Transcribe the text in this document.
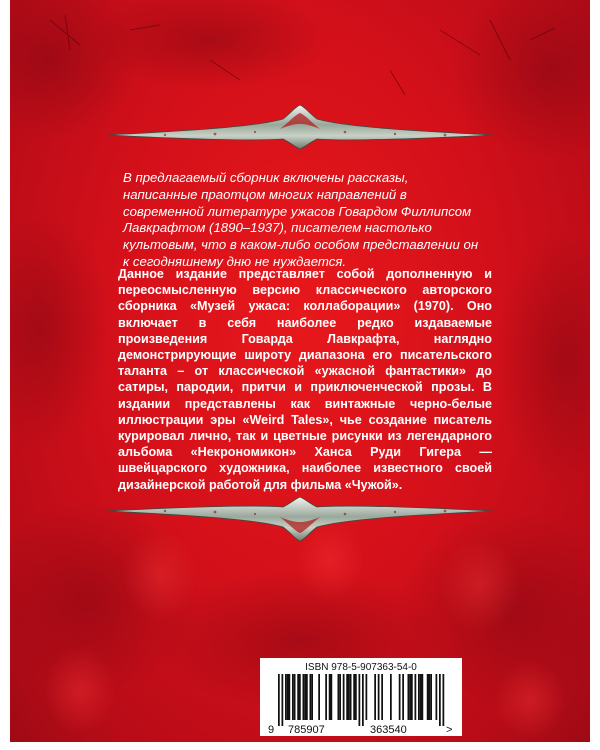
В предлагаемый сборник включены рассказы, написанные праотцом многих направлений в современной литературе ужасов Говардом Филлипсом Лавкрафтом (1890–1937), писателем настолько культовым, что в каком-либо особом представлении он к сегодняшнему дню не нуждается.
Данное издание представляет собой дополненную и переосмысленную версию классического авторского сборника «Музей ужаса: коллаборации» (1970). Оно включает в себя наиболее редко издаваемые произведения Говарда Лавкрафта, наглядно демонстрирующие широту диапазона его писательского таланта – от классической «ужасной фантастики» до сатиры, пародии, притчи и приключенческой прозы. В издании представлены как винтажные черно-белые иллюстрации эры «Weird Tales», чье создание писатель курировал лично, так и цветные рисунки из легендарного альбома «Некрономикон» Ханса Руди Гигера — швейцарского художника, наиболее известного своей дизайнерской работой для фильма «Чужой».
ISBN 978-5-907363-54-0
9 785907	363540	>
